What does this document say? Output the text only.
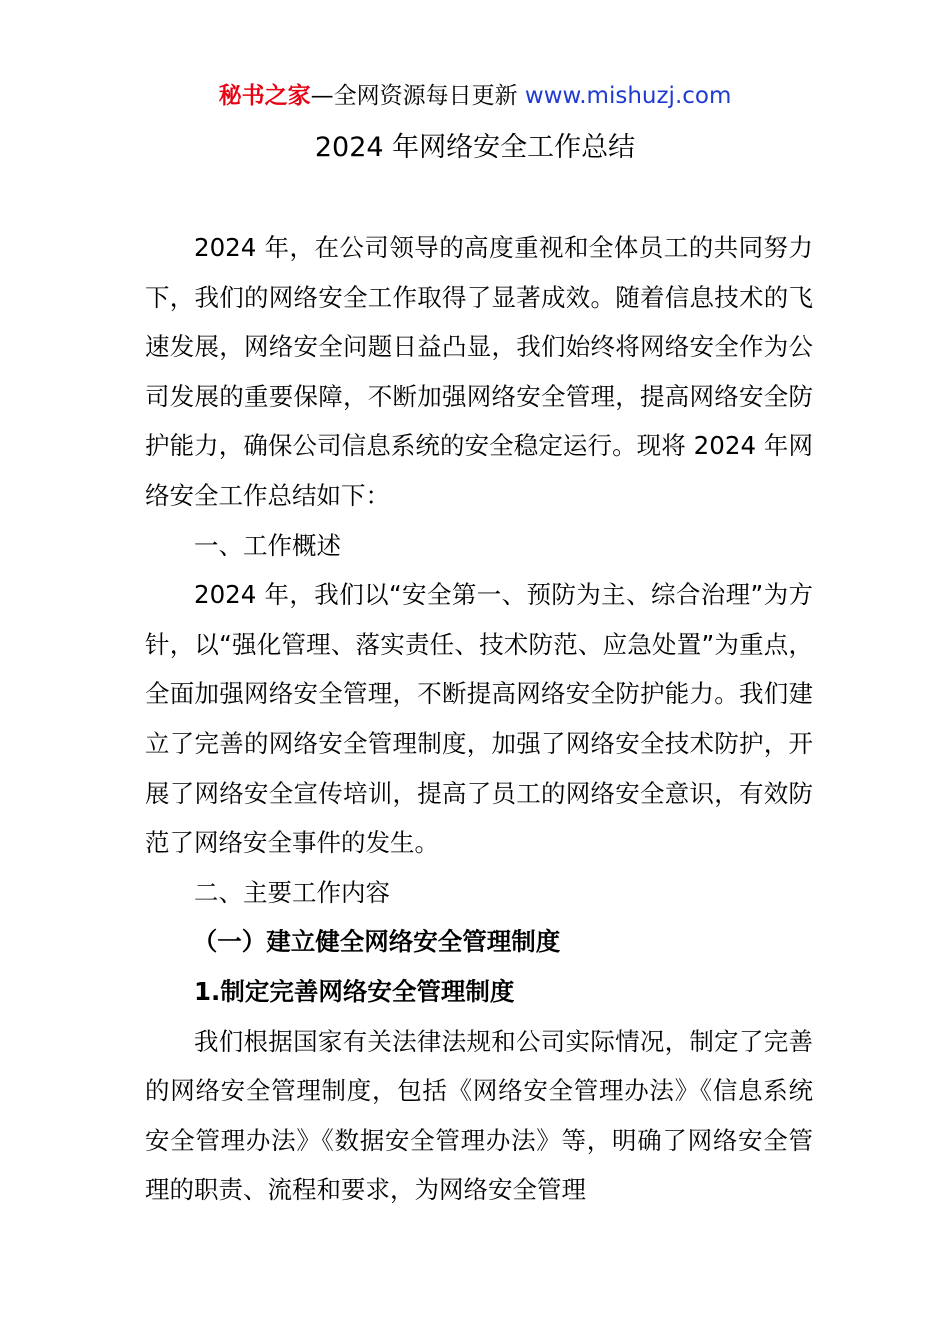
秘书之家—全网资源每日更新 www.mishuzj.com
2024 年网络安全工作总结

2024 年，在公司领导的高度重视和全体员工的共同努力下，我们的网络安全工作取得了显著成效。随着信息技术的飞速发展，网络安全问题日益凸显，我们始终将网络安全作为公司发展的重要保障，不断加强网络安全管理，提高网络安全防护能力，确保公司信息系统的安全稳定运行。现将 2024 年网络安全工作总结如下：

一、工作概述

2024 年，我们以“安全第一、预防为主、综合治理”为方针，以“强化管理、落实责任、技术防范、应急处置”为重点，全面加强网络安全管理，不断提高网络安全防护能力。我们建立了完善的网络安全管理制度，加强了网络安全技术防护，开展了网络安全宣传培训，提高了员工的网络安全意识，有效防范了网络安全事件的发生。

二、主要工作内容

（一）建立健全网络安全管理制度

1.制定完善网络安全管理制度

我们根据国家有关法律法规和公司实际情况，制定了完善的网络安全管理制度，包括《网络安全管理办法》《信息系统安全管理办法》《数据安全管理办法》等，明确了网络安全管理的职责、流程和要求，为网络安全管理
